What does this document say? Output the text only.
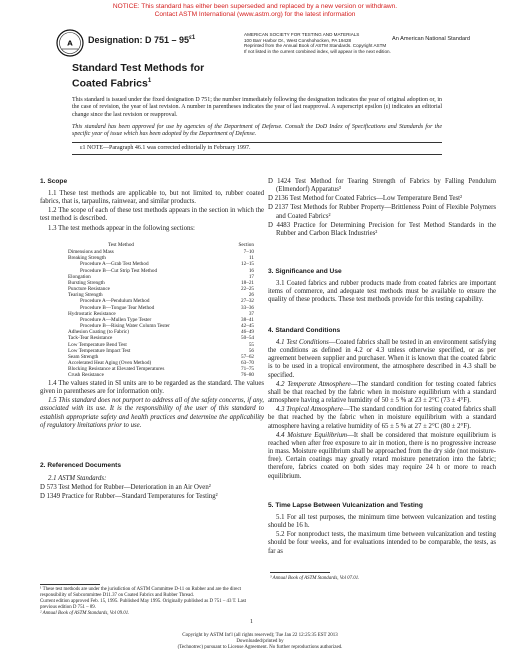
NOTICE: This standard has either been superseded and replaced by a new version or withdrawn.
Contact ASTM International (www.astm.org) for the latest information
A Designation: D $751 - 95^{\varepsilon 1}$
AMERICAN SOCIETY FOR TESTING AND MATERIALS
100 Barr Harbor Dr., West Conshohocken, PA 19428
Reprinted from the Annual Book of ASTM Standards. Copyright ASTM
If not listed in the current combined index, will appear in the next edition.
An American National Standard
Standard Test Methods for Coated Fabrics$^1$
This standard is issued under the fixed designation D 751; the number immediately following the designation indicates the year of original adoption or, in the case of revision, the year of last revision. A number in parentheses indicates the year of last reapproval. A superscript epsilon (ε) indicates an editorial change since the last revision or reapproval.
This standard has been approved for use by agencies of the Department of Defense. Consult the DoD Index of Specifications and Standards for the specific year of issue which has been adopted by the Department of Defense.
ε1 NOTE—Paragraph 46.1 was corrected editorially in February 1997.
1. Scope

1.1 These test methods are applicable to, but not limited to, rubber coated fabrics, that is, tarpaulins, rainwear, and similar products.

1.2 The scope of each of these test methods appears in the section in which the test method is described.

1.3 The test methods appear in the following sections:

Test Method	Section
Dimensions and Mass	7–10
Breaking Strength	11
Procedure A—Grab Test Method	12–15
Procedure B—Cut Strip Test Method	16
Elongation	17
Bursting Strength	18–21
Puncture Resistance	22–25
Tearing Strength	26
Procedure A—Pendulum Method	27–32
Procedure B—Tongue Tear Method	33–36
Hydrostatic Resistance	37
Procedure A—Mullen Type Tester	38–41
Procedure B—Rising Water Column Tester	42–45
Adhesion Coating (to Fabric)	46–49
Tack-Tear Resistance	50–54
Low Temperature Bend Test	55
Low Temperature Impact Test	56
Seam Strength	57–62
Accelerated Heat Aging (Oven Method)	63–70
Blocking Resistance at Elevated Temperatures	71–75
Crush Resistance	76–80

1.4 The values stated in SI units are to be regarded as the standard. The values given in parentheses are for information only.

1.5 This standard does not purport to address all of the safety concerns, if any, associated with its use. It is the responsibility of the user of this standard to establish appropriate safety and health practices and determine the applicability of regulatory limitations prior to use.

2. Referenced Documents

2.1 ASTM Standards:

D 573 Test Method for Rubber—Deterioration in an Air Oven²
D 1349 Practice for Rubber—Standard Temperatures for Testing²
¹ These test methods are under the jurisdiction of ASTM Committee D-11 on Rubber and are the direct responsibility of Subcommittee D11.37 on Coated Fabrics and Rubber Thread.
Current edition approved Feb. 15, 1995. Published May 1995. Originally published as D 751 – 43 T. Last previous edition D 751 – 89.
² Annual Book of ASTM Standards, Vol 09.01.
D 1424 Test Method for Tearing Strength of Fabrics by Falling Pendulum (Elmendorf) Apparatus³
D 2136 Test Method for Coated Fabrics—Low Temperature Bend Test²
D 2137 Test Methods for Rubber Property—Brittleness Point of Flexible Polymers and Coated Fabrics²
D 4483 Practice for Determining Precision for Test Method Standards in the Rubber and Carbon Black Industries²
3. Significance and Use

3.1 Coated fabrics and rubber products made from coated fabrics are important items of commerce, and adequate test methods must be available to ensure the quality of these products. These test methods provide for this testing capability.

4. Standard Conditions

4.1 Test Conditions—Coated fabrics shall be tested in an environment satisfying the conditions as defined in 4.2 or 4.3 unless otherwise specified, or as per agreement between supplier and purchaser. When it is known that the coated fabric is to be used in a tropical environment, the atmosphere described in 4.3 shall be specified.

4.2 Temperate Atmosphere—The standard condition for testing coated fabrics shall be that reached by the fabric when in moisture equilibrium with a standard atmosphere having a relative humidity of 50 ± 5 % at 23 ± 2°C (73 ± 4°F).

4.3 Tropical Atmosphere—The standard condition for testing coated fabrics shall be that reached by the fabric when in moisture equilibrium with a standard atmosphere having a relative humidity of 65 ± 5 % at 27 ± 2°C (80 ± 2°F).

4.4 Moisture Equilibrium—It shall be considered that moisture equilibrium is reached when after free exposure to air in motion, there is no progressive increase in mass. Moisture equilibrium shall be approached from the dry side (not moisture-free). Certain coatings may greatly retard moisture penetration into the fabric; therefore, fabrics coated on both sides may require 24 h or more to reach equilibrium.

5. Time Lapse Between Vulcanization and Testing

5.1 For all test purposes, the minimum time between vulcanization and testing should be 16 h.

5.2 For nonproduct tests, the maximum time between vulcanization and testing should be four weeks, and for evaluations intended to be comparable, the tests, as far as

³ Annual Book of ASTM Standards, Vol 07.01.
1
Copyright by ASTM Int'l (all rights reserved); Tue Jan 22 12:25:35 EST 2013
Downloaded/printed by
(Technotrec) pursuant to License Agreement. No further reproductions authorized.
